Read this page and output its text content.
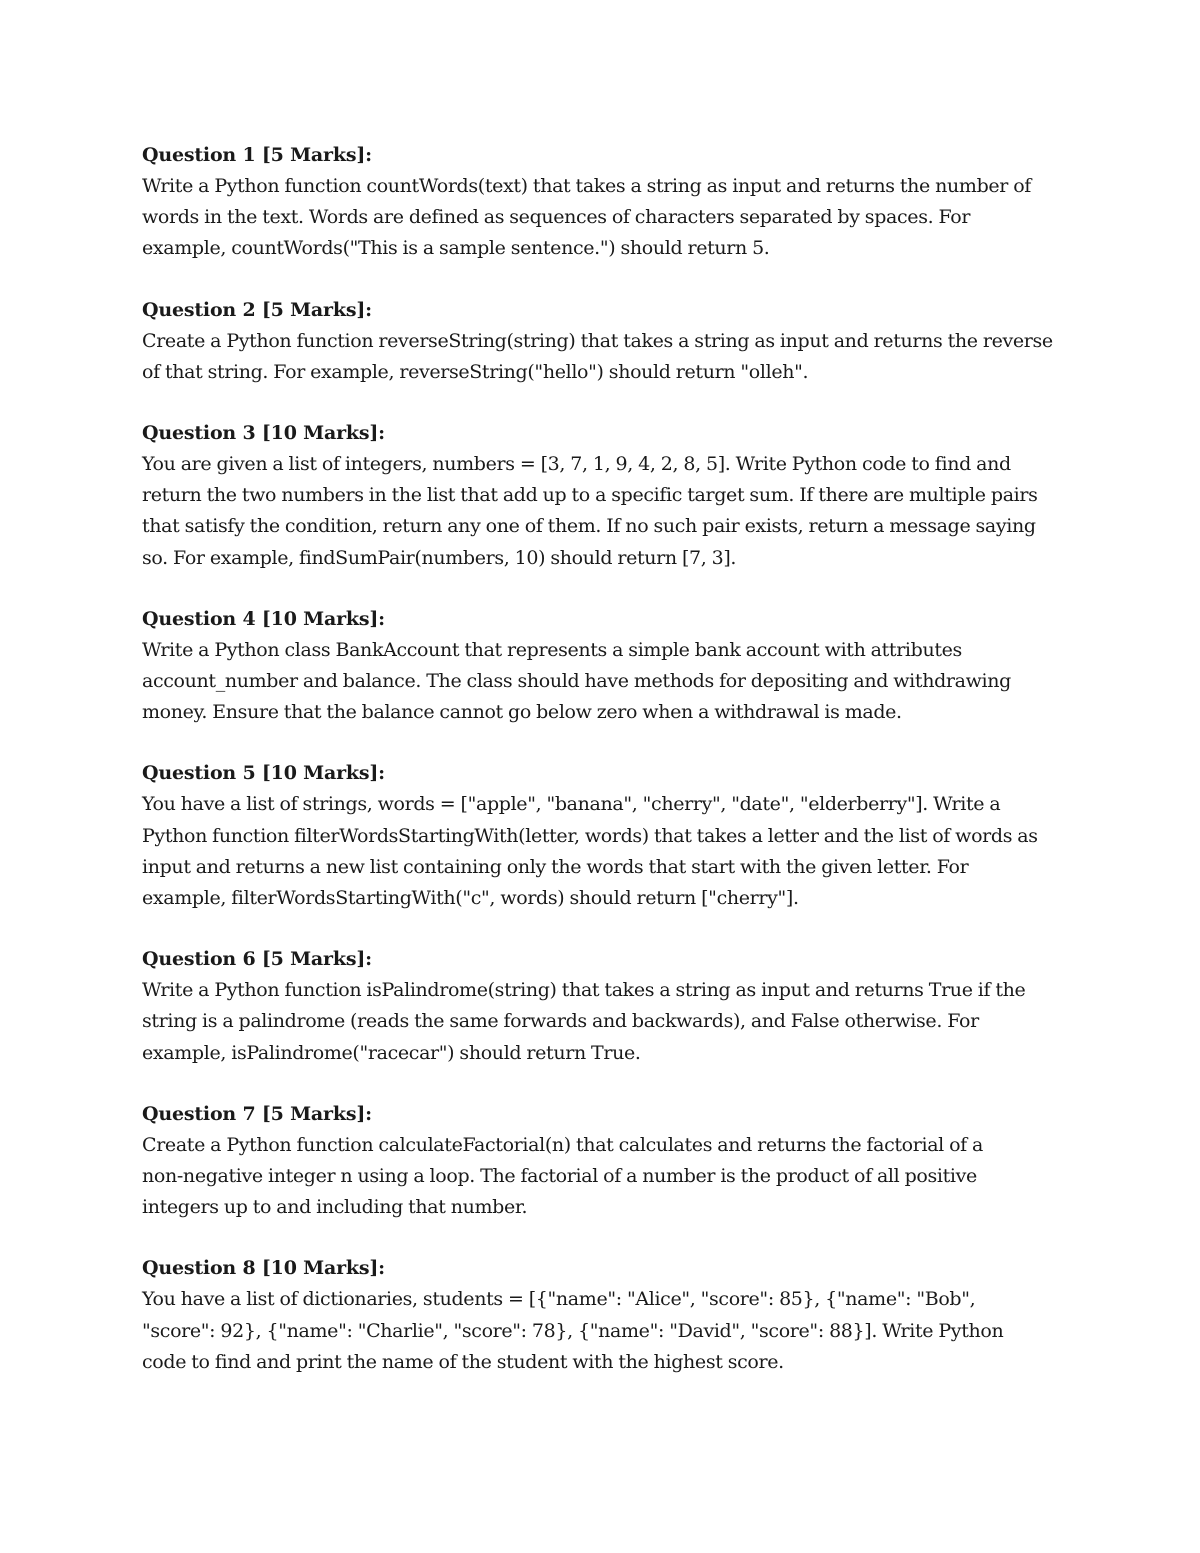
Question 1 [5 Marks]:

Write a Python function countWords(text) that takes a string as input and returns the number of

words in the text. Words are defined as sequences of characters separated by spaces. For

example, countWords("This is a sample sentence.") should return 5.

Question 2 [5 Marks]:

Create a Python function reverseString(string) that takes a string as input and returns the reverse

of that string. For example, reverseString("hello") should return "olleh".

Question 3 [10 Marks]:

You are given a list of integers, numbers = [3, 7, 1, 9, 4, 2, 8, 5]. Write Python code to find and

return the two numbers in the list that add up to a specific target sum. If there are multiple pairs

that satisfy the condition, return any one of them. If no such pair exists, return a message saying

so. For example, findSumPair(numbers, 10) should return [7, 3].

Question 4 [10 Marks]:

Write a Python class BankAccount that represents a simple bank account with attributes

account_number and balance. The class should have methods for depositing and withdrawing

money. Ensure that the balance cannot go below zero when a withdrawal is made.

Question 5 [10 Marks]:

You have a list of strings, words = ["apple", "banana", "cherry", "date", "elderberry"]. Write a

Python function filterWordsStartingWith(letter, words) that takes a letter and the list of words as

input and returns a new list containing only the words that start with the given letter. For

example, filterWordsStartingWith("c", words) should return ["cherry"].

Question 6 [5 Marks]:

Write a Python function isPalindrome(string) that takes a string as input and returns True if the

string is a palindrome (reads the same forwards and backwards), and False otherwise. For

example, isPalindrome("racecar") should return True.

Question 7 [5 Marks]:

Create a Python function calculateFactorial(n) that calculates and returns the factorial of a

non-negative integer n using a loop. The factorial of a number is the product of all positive

integers up to and including that number.

Question 8 [10 Marks]:

You have a list of dictionaries, students = [{"name": "Alice", "score": 85}, {"name": "Bob",

"score": 92}, {"name": "Charlie", "score": 78}, {"name": "David", "score": 88}]. Write Python

code to find and print the name of the student with the highest score.
